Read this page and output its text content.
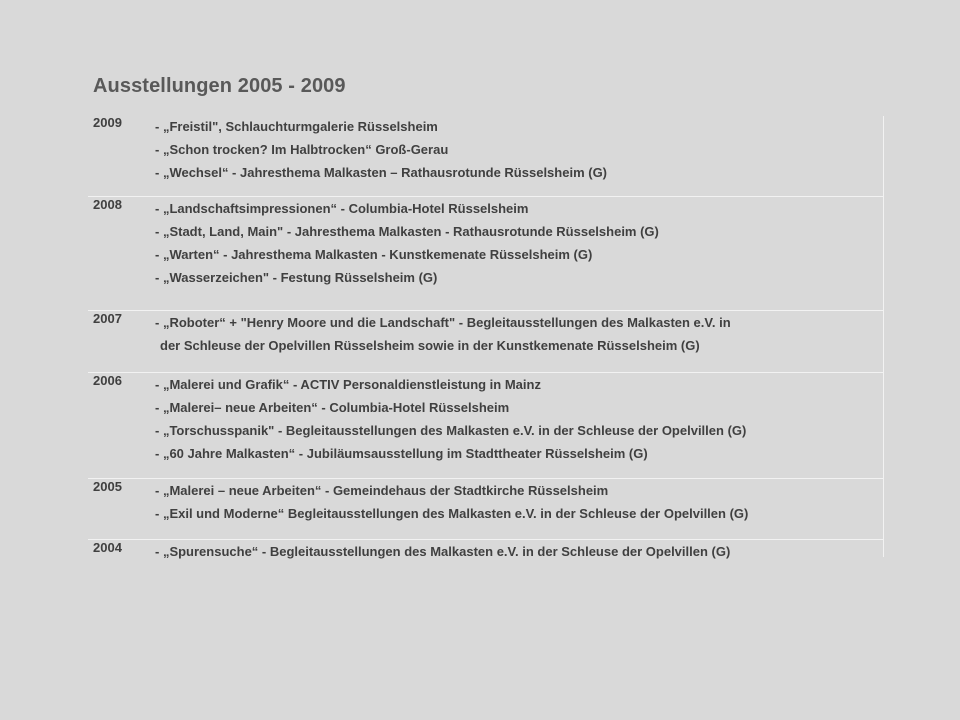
Ausstellungen 2005 - 2009
2009	- „Freistil", Schlauchturmgalerie Rüsselsheim
- „Schon trocken? Im Halbtrocken“ Groß-Gerau
- „Wechsel“ - Jahresthema Malkasten – Rathausrotunde Rüsselsheim (G)
2008	- „Landschaftsimpressionen“ - Columbia-Hotel Rüsselsheim
- „Stadt, Land, Main" - Jahresthema Malkasten - Rathausrotunde Rüsselsheim (G)
- „Warten“ - Jahresthema Malkasten - Kunstkemenate Rüsselsheim (G)
- „Wasserzeichen" - Festung Rüsselsheim (G)
2007	- „Roboter“ + "Henry Moore und die Landschaft" - Begleitausstellungen des Malkasten e.V. in
der Schleuse der Opelvillen Rüsselsheim sowie in der Kunstkemenate Rüsselsheim (G)
2006	- „Malerei und Grafik“ - ACTIV Personaldienstleistung in Mainz
- „Malerei– neue Arbeiten“ - Columbia-Hotel Rüsselsheim
- „Torschusspanik" - Begleitausstellungen des Malkasten e.V. in der Schleuse der Opelvillen (G)
- „60 Jahre Malkasten“ - Jubiläumsausstellung im Stadttheater Rüsselsheim (G)
2005	- „Malerei – neue Arbeiten“ - Gemeindehaus der Stadtkirche Rüsselsheim
- „Exil und Moderne“ Begleitausstellungen des Malkasten e.V. in der Schleuse der Opelvillen (G)
2004	- „Spurensuche“ - Begleitausstellungen des Malkasten e.V. in der Schleuse der Opelvillen (G)
